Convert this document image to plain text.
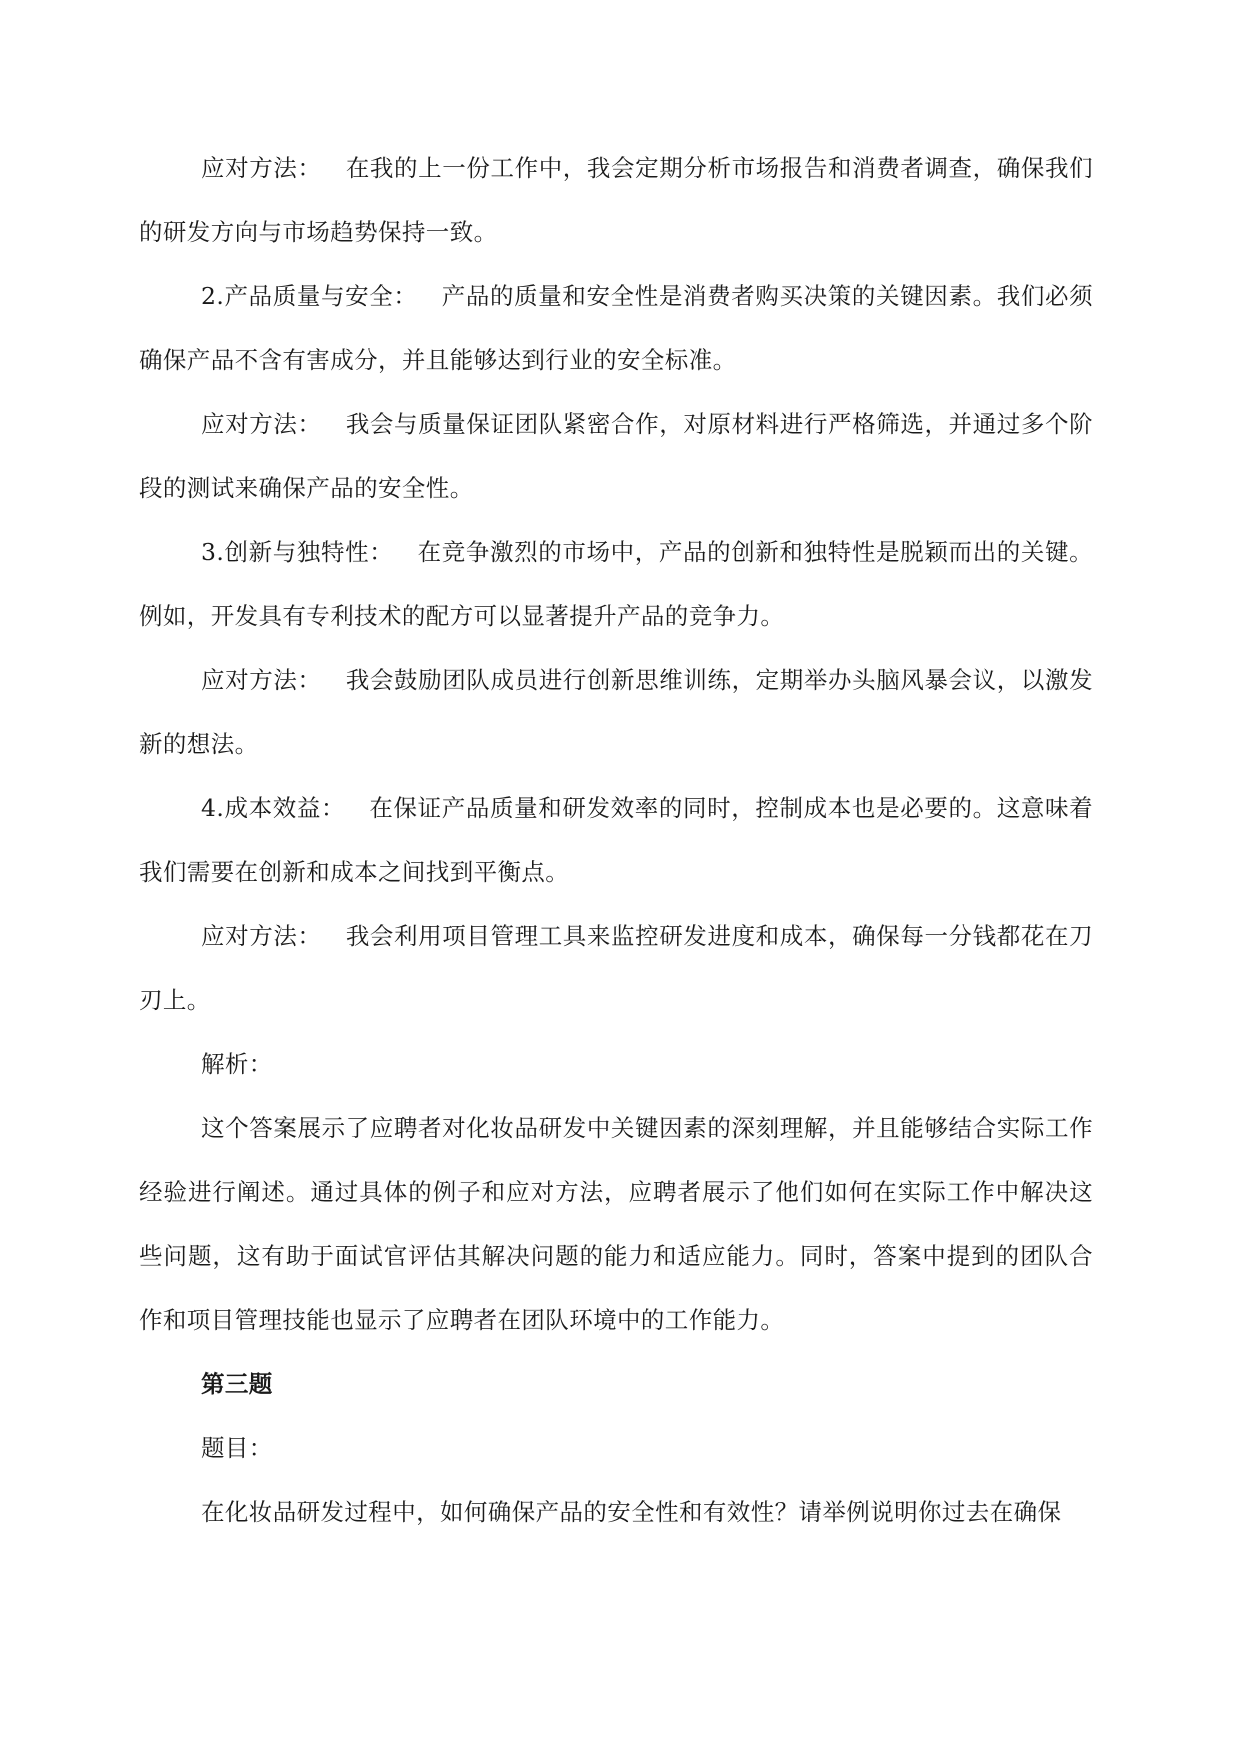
应对方法： 在我的上一份工作中，我会定期分析市场报告和消费者调查，确保我们的研发方向与市场趋势保持一致。

2.产品质量与安全： 产品的质量和安全性是消费者购买决策的关键因素。我们必须确保产品不含有害成分，并且能够达到行业的安全标准。

应对方法： 我会与质量保证团队紧密合作，对原材料进行严格筛选，并通过多个阶段的测试来确保产品的安全性。

3.创新与独特性： 在竞争激烈的市场中，产品的创新和独特性是脱颖而出的关键。例如，开发具有专利技术的配方可以显著提升产品的竞争力。

应对方法： 我会鼓励团队成员进行创新思维训练，定期举办头脑风暴会议，以激发新的想法。

4.成本效益： 在保证产品质量和研发效率的同时，控制成本也是必要的。这意味着我们需要在创新和成本之间找到平衡点。

应对方法： 我会利用项目管理工具来监控研发进度和成本，确保每一分钱都花在刀刃上。

解析：

这个答案展示了应聘者对化妆品研发中关键因素的深刻理解，并且能够结合实际工作经验进行阐述。通过具体的例子和应对方法，应聘者展示了他们如何在实际工作中解决这些问题，这有助于面试官评估其解决问题的能力和适应能力。同时，答案中提到的团队合作和项目管理技能也显示了应聘者在团队环境中的工作能力。

第三题

题目：

在化妆品研发过程中，如何确保产品的安全性和有效性？请举例说明你过去在确保
